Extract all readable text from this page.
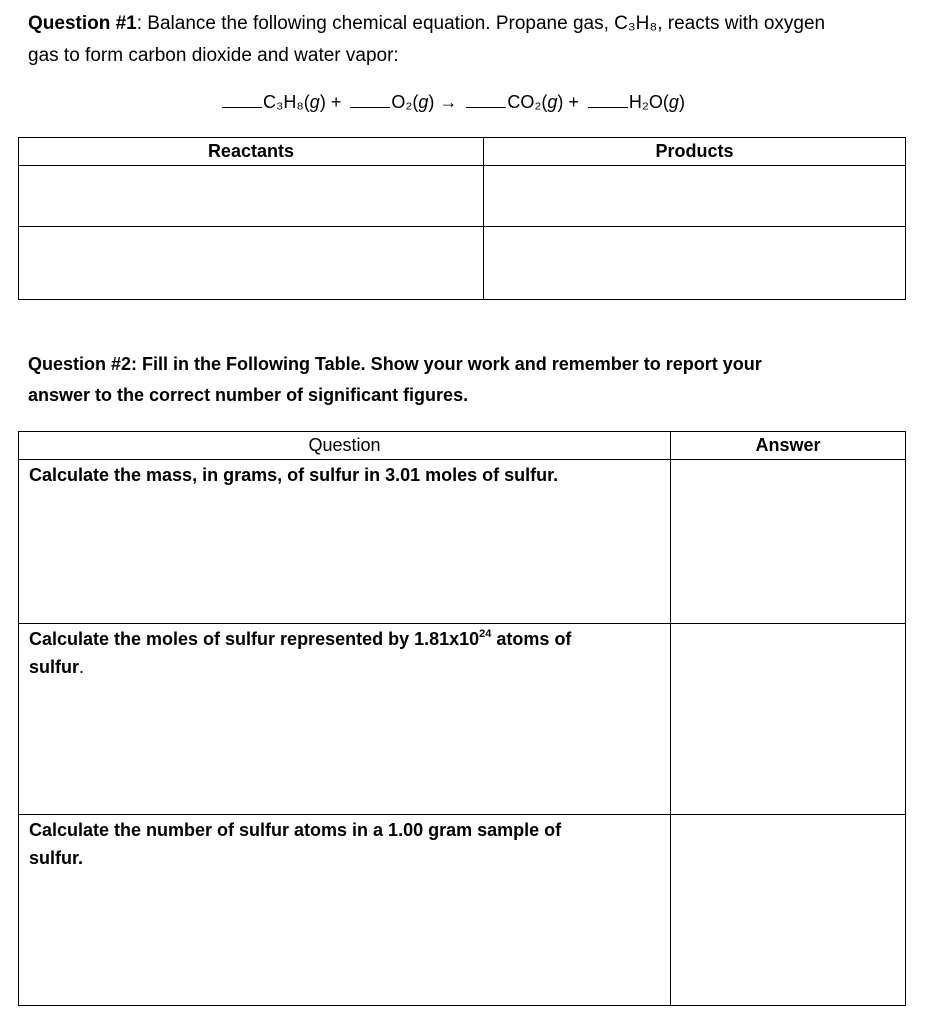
Question #1: Balance the following chemical equation. Propane gas, C₃H₈, reacts with oxygen
gas to form carbon dioxide and water vapor:
C₃H₈(g) +	O₂(g) →	CO₂(g) +	H₂O(g)
Reactants	Products

Question #2: Fill in the Following Table. Show your work and remember to report your
answer to the correct number of significant figures.
Question	Answer

Calculate the mass, in grams, of sulfur in 3.01 moles of sulfur.	

Calculate the moles of sulfur represented by $1.81x10^{24}$ atoms of
sulfur.	

Calculate the number of sulfur atoms in a 1.00 gram sample of
sulfur.	
